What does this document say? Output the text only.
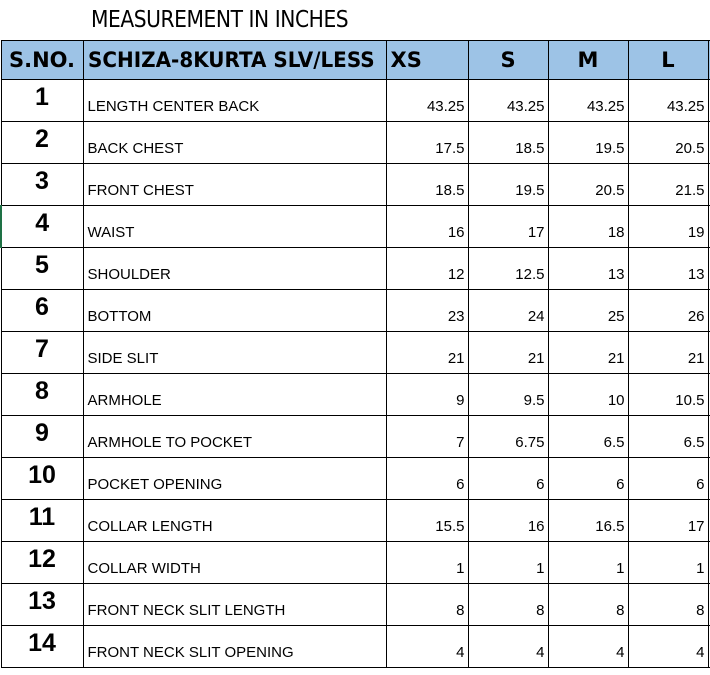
MEASUREMENT IN INCHES
S.NO.	SCHIZA-8KURTA SLV/LESS	XS	S	M	L	
1	LENGTH CENTER BACK	43.25	43.25	43.25	43.25	
2	BACK CHEST	17.5	18.5	19.5	20.5	
3	FRONT CHEST	18.5	19.5	20.5	21.5	
4	WAIST	16	17	18	19	
5	SHOULDER	12	12.5	13	13	
6	BOTTOM	23	24	25	26	
7	SIDE SLIT	21	21	21	21	
8	ARMHOLE	9	9.5	10	10.5	
9	ARMHOLE TO POCKET	7	6.75	6.5	6.5	
10	POCKET OPENING	6	6	6	6	
11	COLLAR LENGTH	15.5	16	16.5	17	
12	COLLAR WIDTH	1	1	1	1	
13	FRONT NECK SLIT LENGTH	8	8	8	8	
14	FRONT NECK SLIT OPENING	4	4	4	4	
